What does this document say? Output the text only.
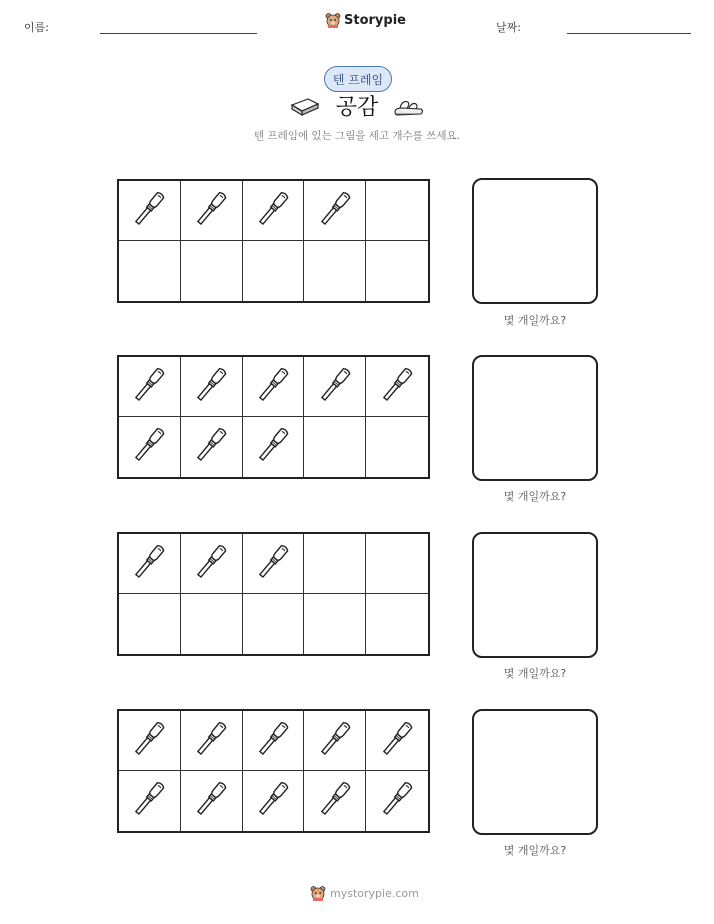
이름:	Storypie	날짜:
텐 프레임
공감
텐 프레임에 있는 그림을 세고 개수를 쓰세요.
몇 개일까요?
몇 개일까요?
몇 개일까요?
몇 개일까요?
mystorypie.com
